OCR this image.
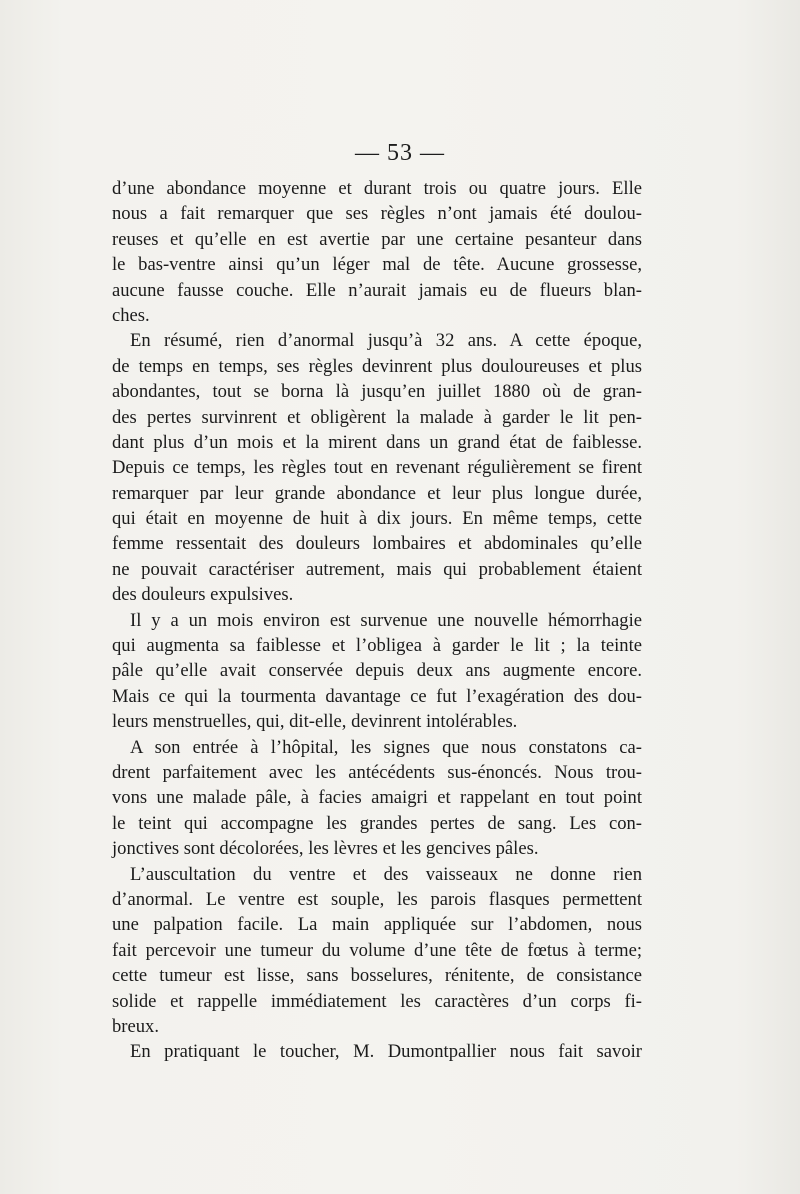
— 53 —
d’une abondance moyenne et durant trois ou quatre jours. Elle
nous a fait remarquer que ses règles n’ont jamais été doulou-
reuses et qu’elle en est avertie par une certaine pesanteur dans
le bas-ventre ainsi qu’un léger mal de tête. Aucune grossesse,
aucune fausse couche. Elle n’aurait jamais eu de flueurs blan-
ches.
En résumé, rien d’anormal jusqu’à 32 ans. A cette époque,
de temps en temps, ses règles devinrent plus douloureuses et plus
abondantes, tout se borna là jusqu’en juillet 1880 où de gran-
des pertes survinrent et obligèrent la malade à garder le lit pen-
dant plus d’un mois et la mirent dans un grand état de faiblesse.
Depuis ce temps, les règles tout en revenant régulièrement se firent
remarquer par leur grande abondance et leur plus longue durée,
qui était en moyenne de huit à dix jours. En même temps, cette
femme ressentait des douleurs lombaires et abdominales qu’elle
ne pouvait caractériser autrement, mais qui probablement étaient
des douleurs expulsives.
Il y a un mois environ est survenue une nouvelle hémorrhagie
qui augmenta sa faiblesse et l’obligea à garder le lit ; la teinte
pâle qu’elle avait conservée depuis deux ans augmente encore.
Mais ce qui la tourmenta davantage ce fut l’exagération des dou-
leurs menstruelles, qui, dit-elle, devinrent intolérables.
A son entrée à l’hôpital, les signes que nous constatons ca-
drent parfaitement avec les antécédents sus-énoncés. Nous trou-
vons une malade pâle, à facies amaigri et rappelant en tout point
le teint qui accompagne les grandes pertes de sang. Les con-
jonctives sont décolorées, les lèvres et les gencives pâles.
L’auscultation du ventre et des vaisseaux ne donne rien
d’anormal. Le ventre est souple, les parois flasques permettent
une palpation facile. La main appliquée sur l’abdomen, nous
fait percevoir une tumeur du volume d’une tête de fœtus à terme;
cette tumeur est lisse, sans bosselures, rénitente, de consistance
solide et rappelle immédiatement les caractères d’un corps fi-
breux.
En pratiquant le toucher, M. Dumontpallier nous fait savoir
